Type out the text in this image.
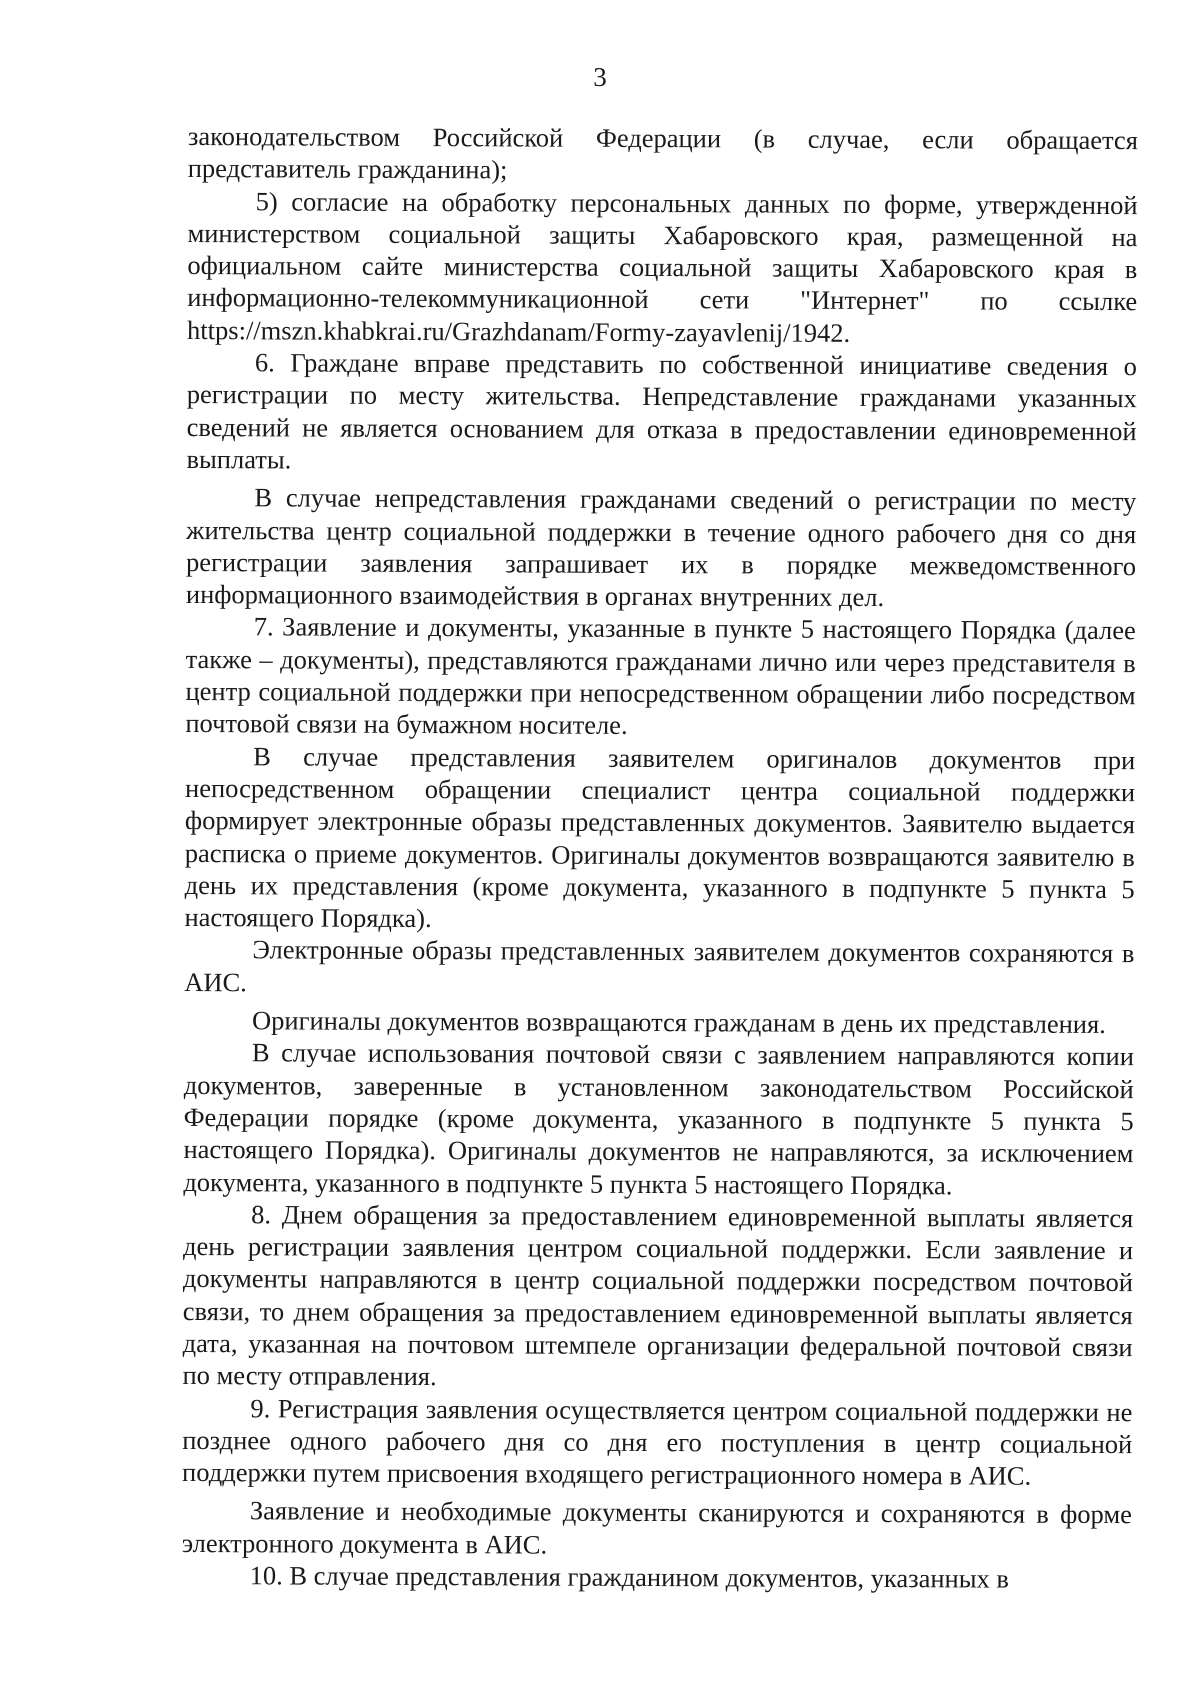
3

законодательством Российской Федерации (в случае, если обращается представитель гражданина);

5) согласие на обработку персональных данных по форме, утвержденной министерством социальной защиты Хабаровского края, размещенной на официальном сайте министерства социальной защиты Хабаровского края в информационно-телекоммуникационной сети "Интернет" по ссылке https://mszn.khabkrai.ru/Grazhdanam/Formy-zayavlenij/1942.

6. Граждане вправе представить по собственной инициативе сведения о регистрации по месту жительства. Непредставление гражданами указанных сведений не является основанием для отказа в предоставлении единовременной выплаты.

В случае непредставления гражданами сведений о регистрации по месту жительства центр социальной поддержки в течение одного рабочего дня со дня регистрации заявления запрашивает их в порядке межведомственного информационного взаимодействия в органах внутренних дел.

7. Заявление и документы, указанные в пункте 5 настоящего Порядка (далее также – документы), представляются гражданами лично или через представителя в центр социальной поддержки при непосредственном обращении либо посредством почтовой связи на бумажном носителе.

В случае представления заявителем оригиналов документов при непосредственном обращении специалист центра социальной поддержки формирует электронные образы представленных документов. Заявителю выдается расписка о приеме документов. Оригиналы документов возвращаются заявителю в день их представления (кроме документа, указанного в подпункте 5 пункта 5 настоящего Порядка).

Электронные образы представленных заявителем документов сохраняются в АИС.

Оригиналы документов возвращаются гражданам в день их представления.

В случае использования почтовой связи с заявлением направляются копии документов, заверенные в установленном законодательством Российской Федерации порядке (кроме документа, указанного в подпункте 5 пункта 5 настоящего Порядка). Оригиналы документов не направляются, за исключением документа, указанного в подпункте 5 пункта 5 настоящего Порядка.

8. Днем обращения за предоставлением единовременной выплаты является день регистрации заявления центром социальной поддержки. Если заявление и документы направляются в центр социальной поддержки посредством почтовой связи, то днем обращения за предоставлением единовременной выплаты является дата, указанная на почтовом штемпеле организации федеральной почтовой связи по месту отправления.

9. Регистрация заявления осуществляется центром социальной поддержки не позднее одного рабочего дня со дня его поступления в центр социальной поддержки путем присвоения входящего регистрационного номера в АИС.

Заявление и необходимые документы сканируются и сохраняются в форме электронного документа в АИС.

10. В случае представления гражданином документов, указанных в
